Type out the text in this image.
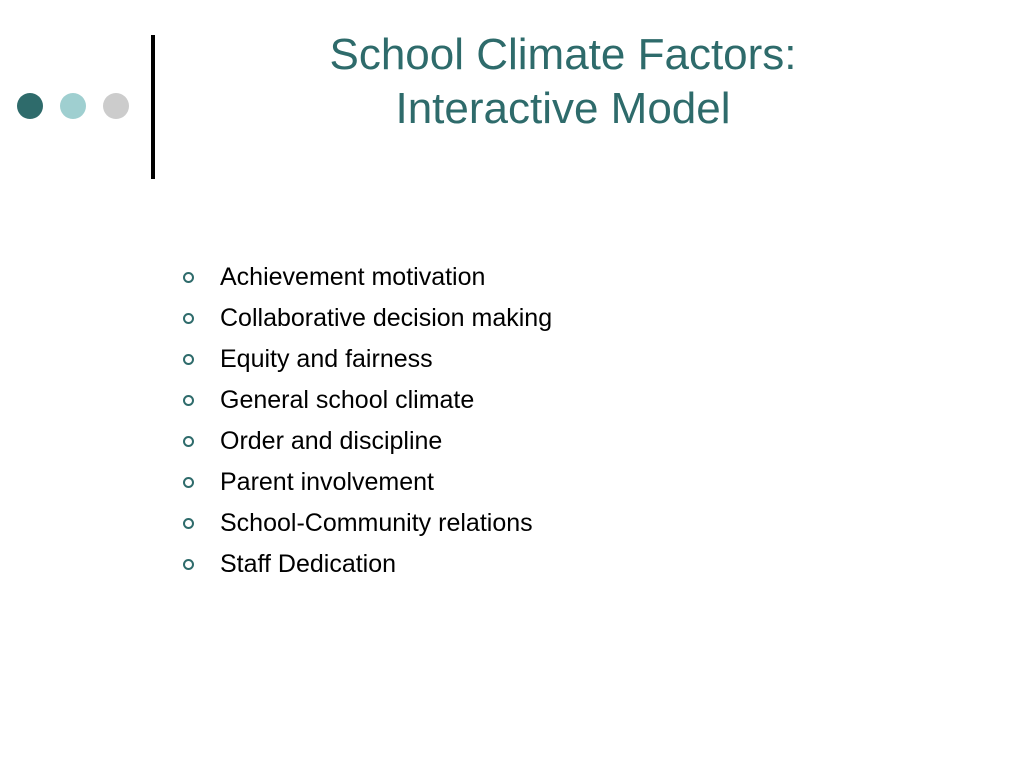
School Climate Factors:
Interactive Model
Achievement motivation
Collaborative decision making
Equity and fairness
General school climate
Order and discipline
Parent involvement
School-Community relations
Staff Dedication
